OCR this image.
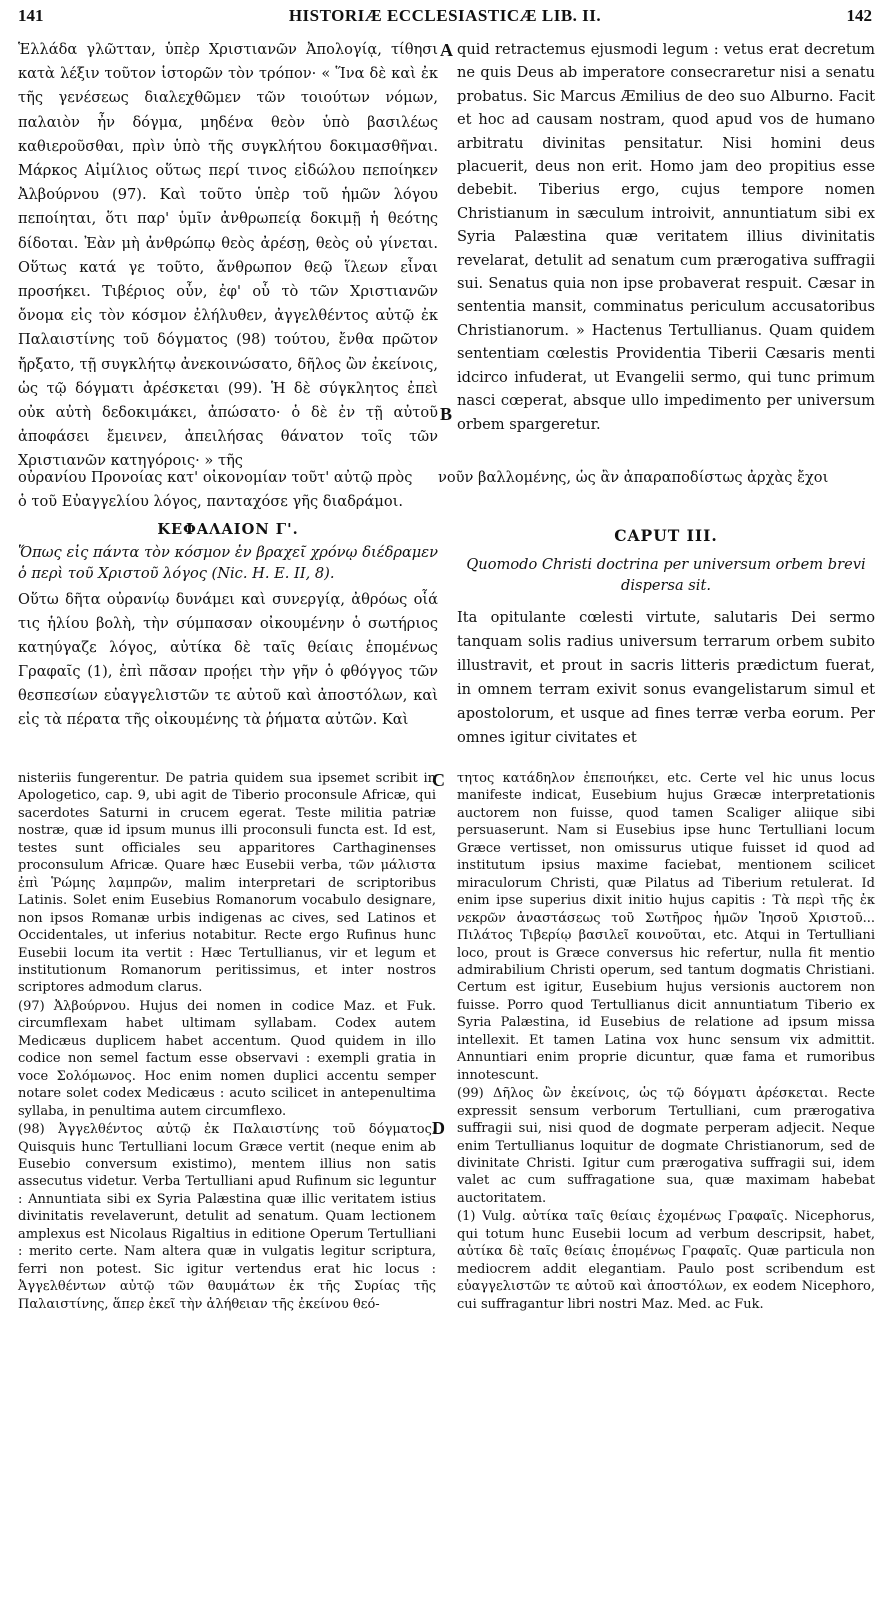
141	HISTORIÆ ECCLESIASTICÆ LIB. II.	142

Ἑλλάδα γλῶτταν, ὑπὲρ Χριστιανῶν Ἀπολογίᾳ, τίθησι κατὰ λέξιν τοῦτον ἱστορῶν τὸν τρόπον· « Ἵνα δὲ καὶ ἐκ τῆς γενέσεως διαλεχθῶμεν τῶν τοιούτων νόμων, παλαιὸν ἦν δόγμα, μηδένα θεὸν ὑπὸ βασιλέως καθιεροῦσθαι, πρὶν ὑπὸ τῆς συγκλήτου δοκιμασθῆναι. Μάρκος Αἰμίλιος οὕτως περί τινος εἰδώλου πεποίηκεν Ἀλβούρνου (97). Καὶ τοῦτο ὑπὲρ τοῦ ἡμῶν λόγου πεποίηται, ὅτι παρ' ὑμῖν ἀνθρωπείᾳ δοκιμῇ ἡ θεότης δίδοται. Ἐὰν μὴ ἀνθρώπῳ θεὸς ἀρέσῃ, θεὸς οὐ γίνεται. Οὕτως κατά γε τοῦτο, ἄνθρωπον θεῷ ἵλεων εἶναι προσήκει. Τιβέριος οὖν, ἐφ' οὗ τὸ τῶν Χριστιανῶν ὄνομα εἰς τὸν κόσμον ἐλήλυθεν, ἀγγελθέντος αὐτῷ ἐκ Παλαιστίνης τοῦ δόγματος (98) τούτου, ἔνθα πρῶτον ἤρξατο, τῇ συγκλήτῳ ἀνεκοινώσατο, δῆλος ὢν ἐκείνοις, ὡς τῷ δόγματι ἀρέσκεται (99). Ἡ δὲ σύγκλητος ἐπεὶ οὐκ αὐτὴ δεδοκιμάκει, ἀπώσατο· ὁ δὲ ἐν τῇ αὐτοῦ ἀποφάσει ἔμεινεν, ἀπειλήσας θάνατον τοῖς τῶν Χριστιανῶν κατηγόροις· » τῆς

quid retractemus ejusmodi legum : vetus erat decretum ne quis Deus ab imperatore consecraretur nisi a senatu probatus. Sic Marcus Æmilius de deo suo Alburno. Facit et hoc ad causam nostram, quod apud vos de humano arbitratu divinitas pensitatur. Nisi homini deus placuerit, deus non erit. Homo jam deo propitius esse debebit. Tiberius ergo, cujus tempore nomen Christianum in sæculum introivit, annuntiatum sibi ex Syria Palæstina quæ veritatem illius divinitatis revelarat, detulit ad senatum cum prærogativa suffragii sui. Senatus quia non ipse probaverat respuit. Cæsar in sententia mansit, comminatus periculum accusatoribus Christianorum. » Hactenus Tertullianus. Quam quidem sententiam cœlestis Providentia Tiberii Cæsaris menti idcirco infuderat, ut Evangelii sermo, qui tunc primum nasci cœperat, absque ullo impedimento per universum orbem spargeretur.

A
B
C
D
οὐρανίου Προνοίας κατ' οἰκονομίαν τοῦτ' αὐτῷ πρὸς νοῦν βαλλομένης, ὡς ἂν ἀπαραποδίστως ἀρχὰς ἔχοι
ὁ τοῦ Εὐαγγελίου λόγος, πανταχόσε γῆς διαδράμοι.

ΚΕΦΑΛΑΙΟΝ Γ'.

Ὅπως εἰς πάντα τὸν κόσμον ἐν βραχεῖ χρόνῳ διέδραμεν ὁ περὶ τοῦ Χριστοῦ λόγος (Nic. H. E. II, 8).

Οὕτω δῆτα οὐρανίῳ δυνάμει καὶ συνεργίᾳ, ἀθρόως οἷά τις ἡλίου βολὴ, τὴν σύμπασαν οἰκουμένην ὁ σωτήριος κατηύγαζε λόγος, αὐτίκα δὲ ταῖς θείαις ἑπομένως Γραφαῖς (1), ἐπὶ πᾶσαν προῄει τὴν γῆν ὁ φθόγγος τῶν θεσπεσίων εὐαγγελιστῶν τε αὐτοῦ καὶ ἀποστόλων, καὶ εἰς τὰ πέρατα τῆς οἰκουμένης τὰ ῥήματα αὐτῶν. Καὶ

CAPUT III.

Quomodo Christi doctrina per universum orbem brevi dispersa sit.

Ita opitulante cœlesti virtute, salutaris Dei sermo tanquam solis radius universum terrarum orbem subito illustravit, et prout in sacris litteris prædictum fuerat, in omnem terram exivit sonus evangelistarum simul et apostolorum, et usque ad fines terræ verba eorum. Per omnes igitur civitates et

nisteriis fungerentur. De patria quidem sua ipsemet scribit in Apologetico, cap. 9, ubi agit de Tiberio proconsule Africæ, qui sacerdotes Saturni in crucem egerat. Teste militia patriæ nostræ, quæ id ipsum munus illi proconsuli functa est. Id est, testes sunt officiales seu apparitores Carthaginenses proconsulum Africæ. Quare hæc Eusebii verba, τῶν μάλιστα ἐπὶ Ῥώμης λαμπρῶν, malim interpretari de scriptoribus Latinis. Solet enim Eusebius Romanorum vocabulo designare, non ipsos Romanæ urbis indigenas ac cives, sed Latinos et Occidentales, ut inferius notabitur. Recte ergo Rufinus hunc Eusebii locum ita vertit : Hæc Tertullianus, vir et legum et institutionum Romanorum peritissimus, et inter nostros scriptores admodum clarus.

(97) Ἀλβούρνου. Hujus dei nomen in codice Maz. et Fuk. circumflexam habet ultimam syllabam. Codex autem Medicæus duplicem habet accentum. Quod quidem in illo codice non semel factum esse observavi : exempli gratia in voce Σολόμωνος. Hoc enim nomen duplici accentu semper notare solet codex Medicæus : acuto scilicet in antepenultima syllaba, in penultima autem circumflexo.

(98) Ἀγγελθέντος αὐτῷ ἐκ Παλαιστίνης τοῦ δόγματος. Quisquis hunc Tertulliani locum Græce vertit (neque enim ab Eusebio conversum existimo), mentem illius non satis assecutus videtur. Verba Tertulliani apud Rufinum sic leguntur : Annuntiata sibi ex Syria Palæstina quæ illic veritatem istius divinitatis revelaverunt, detulit ad senatum. Quam lectionem amplexus est Nicolaus Rigaltius in editione Operum Tertulliani : merito certe. Nam altera quæ in vulgatis legitur scriptura, ferri non potest. Sic igitur vertendus erat hic locus : Ἀγγελθέντων αὐτῷ τῶν θαυμάτων ἐκ τῆς Συρίας τῆς Παλαιστίνης, ἅπερ ἐκεῖ τὴν ἀλήθειαν τῆς ἐκείνου θεό-

τητος κατάδηλον ἐπεποιήκει, etc. Certe vel hic unus locus manifeste indicat, Eusebium hujus Græcæ interpretationis auctorem non fuisse, quod tamen Scaliger aliique sibi persuaserunt. Nam si Eusebius ipse hunc Tertulliani locum Græce vertisset, non omissurus utique fuisset id quod ad institutum ipsius maxime faciebat, mentionem scilicet miraculorum Christi, quæ Pilatus ad Tiberium retulerat. Id enim ipse superius dixit initio hujus capitis : Τὰ περὶ τῆς ἐκ νεκρῶν ἀναστάσεως τοῦ Σωτῆρος ἡμῶν Ἰησοῦ Χριστοῦ... Πιλάτος Τιβερίῳ βασιλεῖ κοινοῦται, etc. Atqui in Tertulliani loco, prout is Græce conversus hic refertur, nulla fit mentio admirabilium Christi operum, sed tantum dogmatis Christiani. Certum est igitur, Eusebium hujus versionis auctorem non fuisse. Porro quod Tertullianus dicit annuntiatum Tiberio ex Syria Palæstina, id Eusebius de relatione ad ipsum missa intellexit. Et tamen Latina vox hunc sensum vix admittit. Annuntiari enim proprie dicuntur, quæ fama et rumoribus innotescunt.

(99) Δῆλος ὢν ἐκείνοις, ὡς τῷ δόγματι ἀρέσκεται. Recte expressit sensum verborum Tertulliani, cum prærogativa suffragii sui, nisi quod de dogmate perperam adjecit. Neque enim Tertullianus loquitur de dogmate Christianorum, sed de divinitate Christi. Igitur cum prærogativa suffragii sui, idem valet ac cum suffragatione sua, quæ maximam habebat auctoritatem.

(1) Vulg. αὐτίκα ταῖς θείαις ἑχομένως Γραφαῖς. Nicephorus, qui totum hunc Eusebii locum ad verbum descripsit, habet, αὐτίκα δὲ ταῖς θείαις ἑπομένως Γραφαῖς. Quæ particula non mediocrem addit elegantiam. Paulo post scribendum est εὐαγγελιστῶν τε αὐτοῦ καὶ ἀποστόλων, ex eodem Nicephoro, cui suffragantur libri nostri Maz. Med. ac Fuk.
